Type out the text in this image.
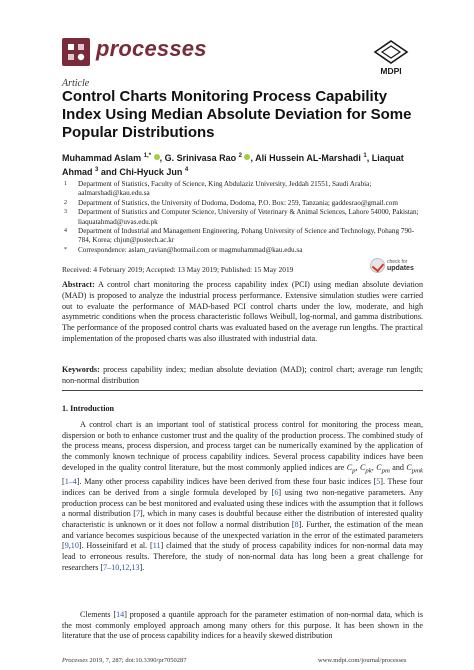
processes
MDPI

Article

Control Charts Monitoring Process Capability Index Using Median Absolute Deviation for Some Popular Distributions

Muhammad Aslam $^{1,*}$ , G. Srinivasa Rao $^2$ , Ali Hussein AL-Marshadi $^1$, Liaquat Ahmad $^3$ and Chi-Hyuck Jun $^4$

1 Department of Statistics, Faculty of Science, King Abdulaziz University, Jeddah 21551, Saudi Arabia; aalmarshadi@kau.edu.sa
2 Department of Statistics, the University of Dodoma, Dodoma, P.O. Box: 259, Tanzania; gaddesrao@gmail.com
3 Department of Statistics and Computer Science, University of Veterinary & Animal Sciences, Lahore 54000, Pakistan; liaquatahmad@uvas.edu.pk
4 Department of Industrial and Management Engineering, Pohang University of Science and Technology, Pohang 790-784, Korea; chjun@postech.ac.kr
* Correspondence: aslam_ravian@hotmail.com or magmuhammad@kau.edu.sa

Received: 4 February 2019; Accepted: 13 May 2019; Published: 15 May 2019

check for
updates

Abstract: A control chart monitoring the process capability index (PCI) using median absolute deviation (MAD) is proposed to analyze the industrial process performance. Extensive simulation studies were carried out to evaluate the performance of MAD-based PCI control charts under the low, moderate, and high asymmetric conditions when the process characteristic follows Weibull, log-normal, and gamma distributions. The performance of the proposed control charts was evaluated based on the average run lengths. The practical implementation of the proposed charts was also illustrated with industrial data.

Keywords: process capability index; median absolute deviation (MAD); control chart; average run length; non-normal distribution

1. Introduction

A control chart is an important tool of statistical process control for monitoring the process mean, dispersion or both to enhance customer trust and the quality of the production process. The combined study of the process means, process dispersion, and process target can be numerically examined by the application of the commonly known technique of process capability indices. Several process capability indices have been developed in the quality control literature, but the most commonly applied indices are $C_p$, $C_{pk}$, $C_{pm}$ and $C_{pmk}$ [1–4]. Many other process capability indices have been derived from these four basic indices [5]. These four indices can be derived from a single formula developed by [6] using two non-negative parameters. Any production process can be best monitored and evaluated using these indices with the assumption that it follows a normal distribution [7], which in many cases is doubtful because either the distribution of interested quality characteristic is unknown or it does not follow a normal distribution [8]. Further, the estimation of the mean and variance becomes suspicious because of the unexpected variation in the error of the estimated parameters [9,10]. Hosseinifard et al. [11] claimed that the study of process capability indices for non-normal data may lead to erroneous results. Therefore, the study of non-normal data has long been a great challenge for researchers [7–10,12,13].

Clements [14] proposed a quantile approach for the parameter estimation of non-normal data, which is the most commonly employed approach among many others for this purpose. It has been shown in the literature that the use of process capability indices for a heavily skewed distribution

Processes 2019, 7, 287; doi:10.3390/pr7050287	www.mdpi.com/journal/processes
